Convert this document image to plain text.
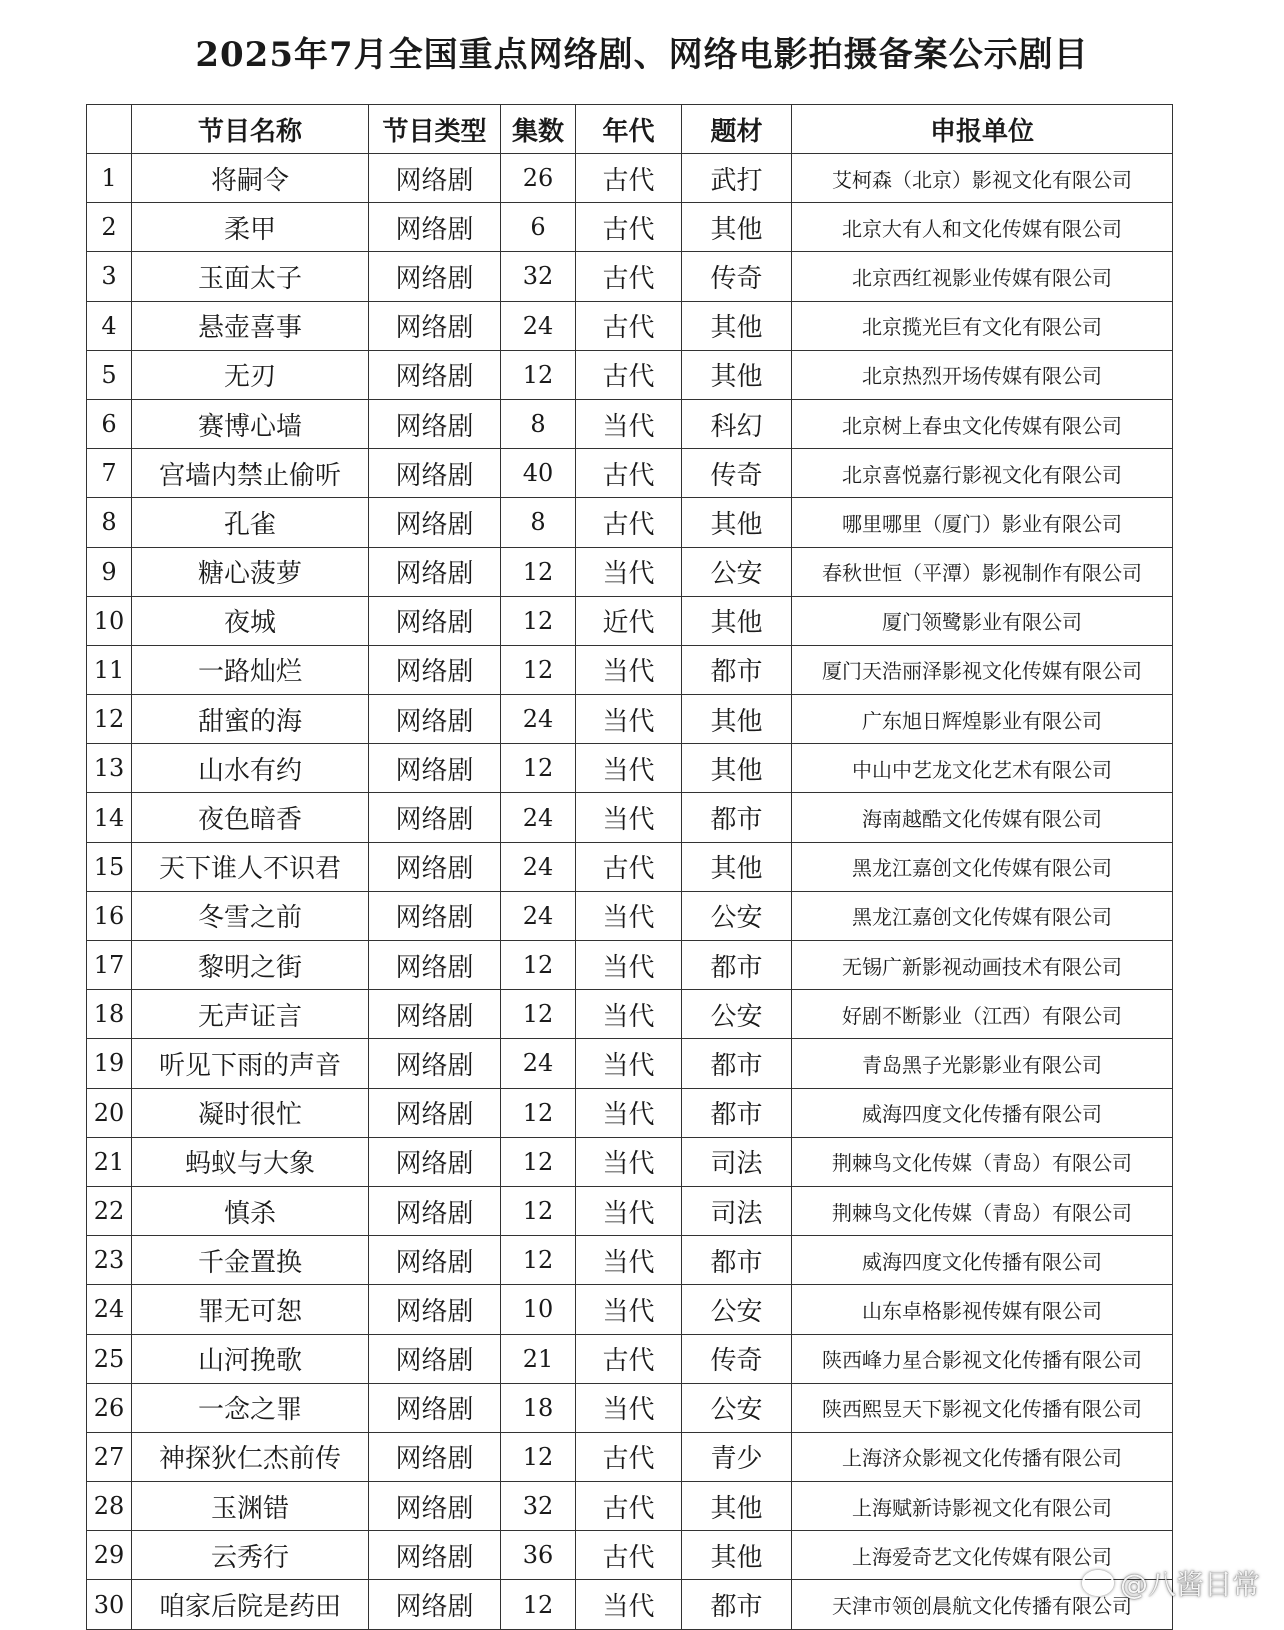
2025年7月全国重点网络剧、网络电影拍摄备案公示剧目
	节目名称	节目类型	集数	年代	题材	申报单位
1	将嗣令	网络剧	26	古代	武打	艾柯森（北京）影视文化有限公司
2	柔甲	网络剧	6	古代	其他	北京大有人和文化传媒有限公司
3	玉面太子	网络剧	32	古代	传奇	北京西红视影业传媒有限公司
4	悬壶喜事	网络剧	24	古代	其他	北京揽光巨有文化有限公司
5	无刃	网络剧	12	古代	其他	北京热烈开场传媒有限公司
6	赛博心墙	网络剧	8	当代	科幻	北京树上春虫文化传媒有限公司
7	宫墙内禁止偷听	网络剧	40	古代	传奇	北京喜悦嘉行影视文化有限公司
8	孔雀	网络剧	8	古代	其他	哪里哪里（厦门）影业有限公司
9	糖心菠萝	网络剧	12	当代	公安	春秋世恒（平潭）影视制作有限公司
10	夜城	网络剧	12	近代	其他	厦门领鹭影业有限公司
11	一路灿烂	网络剧	12	当代	都市	厦门天浩丽泽影视文化传媒有限公司
12	甜蜜的海	网络剧	24	当代	其他	广东旭日辉煌影业有限公司
13	山水有约	网络剧	12	当代	其他	中山中艺龙文化艺术有限公司
14	夜色暗香	网络剧	24	当代	都市	海南越酷文化传媒有限公司
15	天下谁人不识君	网络剧	24	古代	其他	黑龙江嘉创文化传媒有限公司
16	冬雪之前	网络剧	24	当代	公安	黑龙江嘉创文化传媒有限公司
17	黎明之街	网络剧	12	当代	都市	无锡广新影视动画技术有限公司
18	无声证言	网络剧	12	当代	公安	好剧不断影业（江西）有限公司
19	听见下雨的声音	网络剧	24	当代	都市	青岛黑子光影影业有限公司
20	凝时很忙	网络剧	12	当代	都市	威海四度文化传播有限公司
21	蚂蚁与大象	网络剧	12	当代	司法	荆棘鸟文化传媒（青岛）有限公司
22	慎杀	网络剧	12	当代	司法	荆棘鸟文化传媒（青岛）有限公司
23	千金置换	网络剧	12	当代	都市	威海四度文化传播有限公司
24	罪无可恕	网络剧	10	当代	公安	山东卓格影视传媒有限公司
25	山河挽歌	网络剧	21	古代	传奇	陕西峰力星合影视文化传播有限公司
26	一念之罪	网络剧	18	当代	公安	陕西熙昱天下影视文化传播有限公司
27	神探狄仁杰前传	网络剧	12	古代	青少	上海济众影视文化传播有限公司
28	玉渊错	网络剧	32	古代	其他	上海赋新诗影视文化有限公司
29	云秀行	网络剧	36	古代	其他	上海爱奇艺文化传媒有限公司
30	咱家后院是药田	网络剧	12	当代	都市	天津市领创晨航文化传播有限公司
@八酱目常
